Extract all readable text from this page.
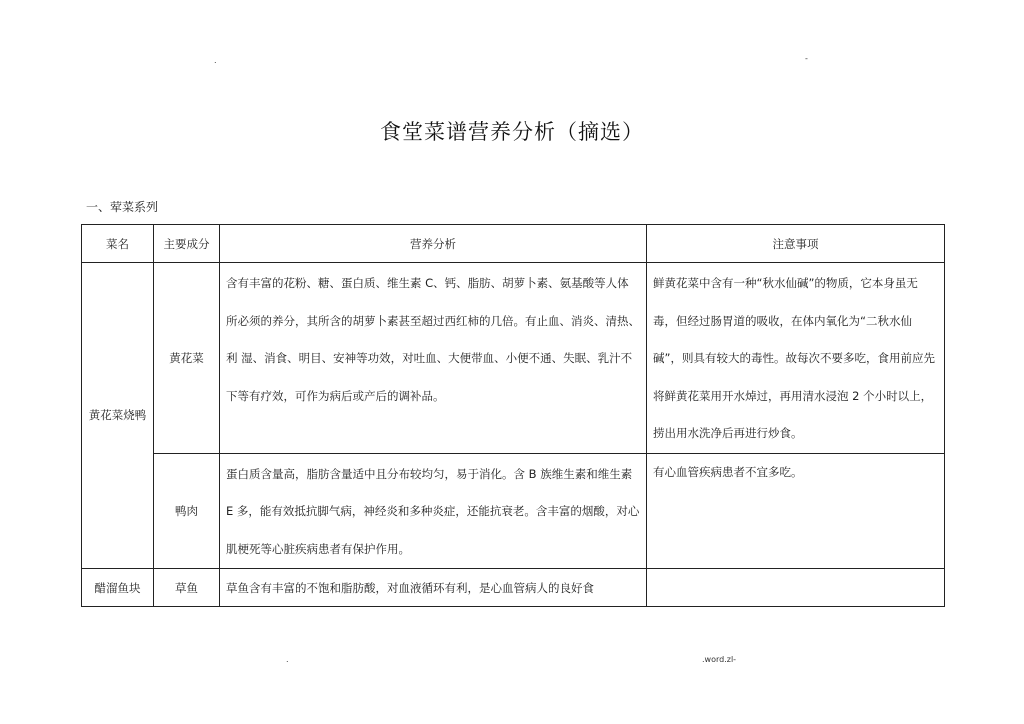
.	-
食堂菜谱营养分析（摘选）
一、荤菜系列
菜名	主要成分	营养分析	注意事项
黄花菜烧鸭	黄花菜	含有丰富的花粉、糖、蛋白质、维生素 C、钙、脂肪、胡萝卜素、氨基酸等人体所必须的养分，其所含的胡萝卜素甚至超过西红柿的几倍。有止血、消炎、清热、利 湿、消食、明目、安神等功效，对吐血、大便带血、小便不通、失眠、乳汁不下等有疗效，可作为病后或产后的调补品。	鲜黄花菜中含有一种“秋水仙碱”的物质，它本身虽无毒，但经过肠胃道的吸收，在体内氧化为“二秋水仙碱”，则具有较大的毒性。故每次不要多吃，食用前应先将鲜黄花菜用开水焯过，再用清水浸泡 2 个小时以上，捞出用水洗净后再进行炒食。
	鸭肉	蛋白质含量高，脂肪含量适中且分布较均匀，易于消化。含 B 族维生素和维生素 E 多，能有效抵抗脚气病，神经炎和多种炎症，还能抗衰老。含丰富的烟酸，对心肌梗死等心脏疾病患者有保护作用。	有心血管疾病患者不宜多吃。
醋溜鱼块	草鱼	草鱼含有丰富的不饱和脂肪酸，对血液循环有利，是心血管病人的良好食	
.	.word.zl-
